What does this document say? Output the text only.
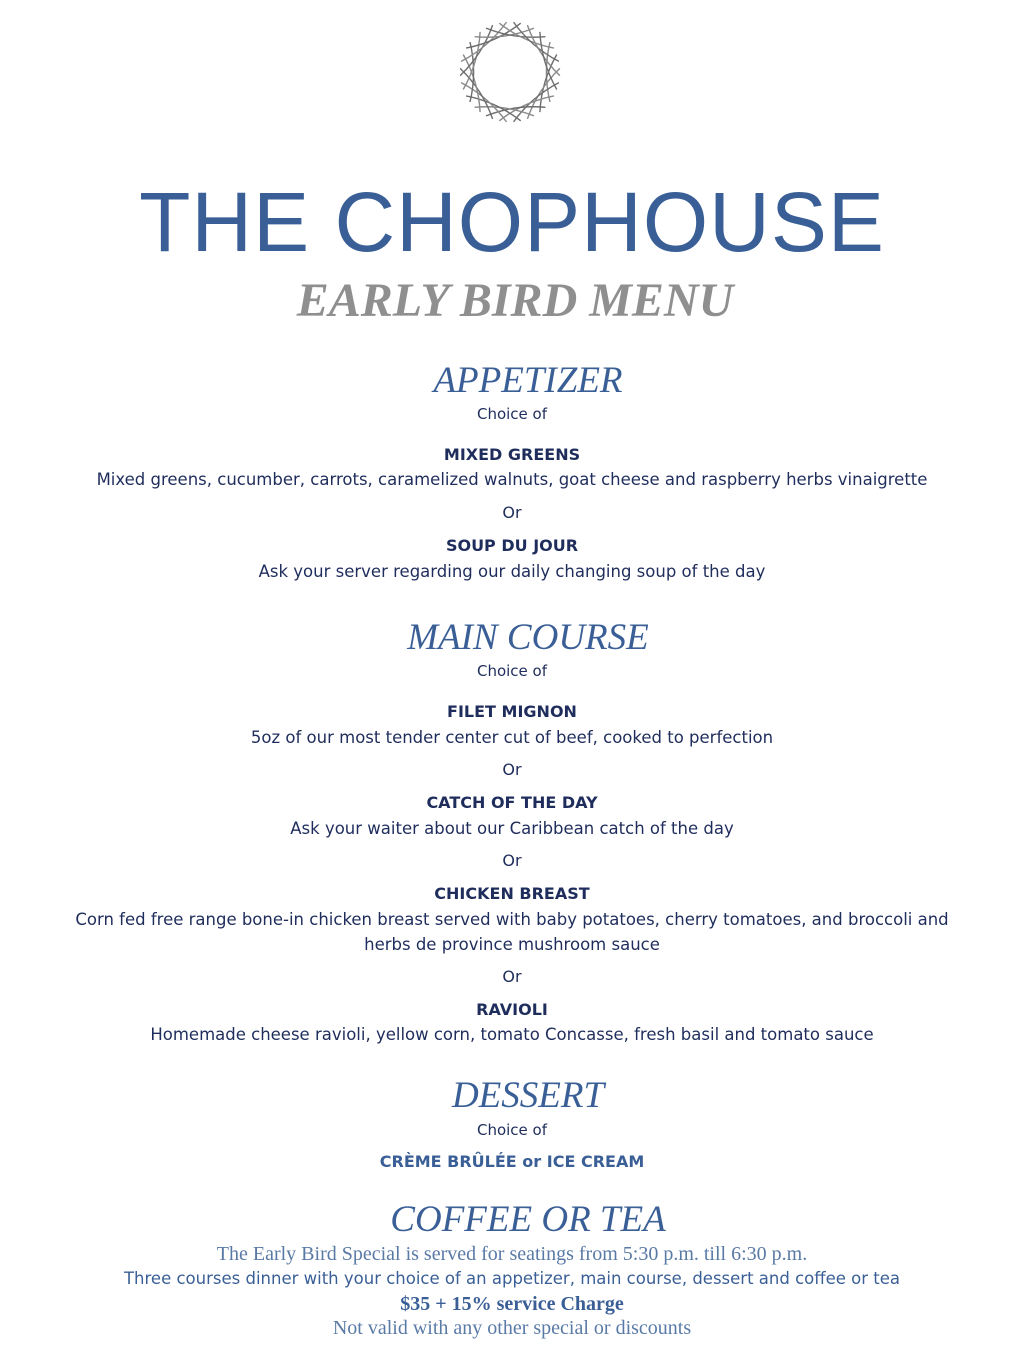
THE CHOPHOUSE
EARLY BIRD MENU
APPETIZER
Choice of
MIXED GREENS
Mixed greens, cucumber, carrots, caramelized walnuts, goat cheese and raspberry herbs vinaigrette
Or
SOUP DU JOUR
Ask your server regarding our daily changing soup of the day
MAIN COURSE
Choice of
FILET MIGNON
5oz of our most tender center cut of beef, cooked to perfection
Or
CATCH OF THE DAY
Ask your waiter about our Caribbean catch of the day
Or
CHICKEN BREAST
Corn fed free range bone-in chicken breast served with baby potatoes, cherry tomatoes, and broccoli and
herbs de province mushroom sauce
Or
RAVIOLI
Homemade cheese ravioli, yellow corn, tomato Concasse, fresh basil and tomato sauce
DESSERT
Choice of
CRÈME BRÛLÉE or ICE CREAM
COFFEE OR TEA
The Early Bird Special is served for seatings from 5:30 p.m. till 6:30 p.m.
Three courses dinner with your choice of an appetizer, main course, dessert and coffee or tea
$35 + 15% service Charge
Not valid with any other special or discounts
